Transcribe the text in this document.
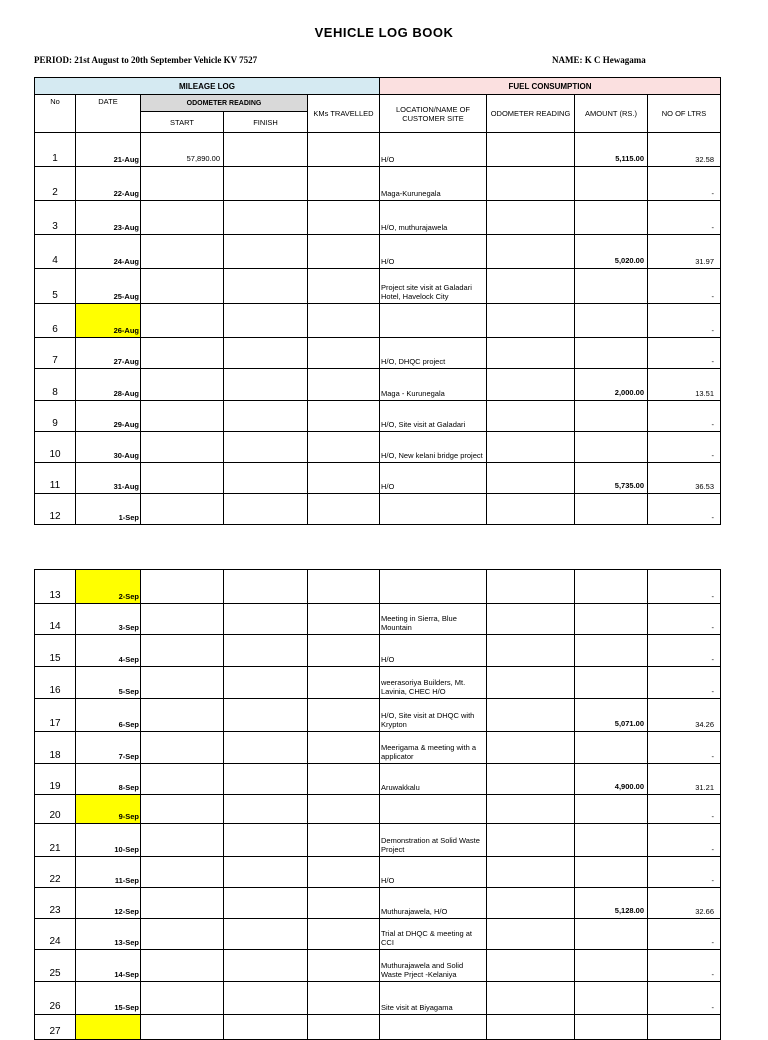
VEHICLE LOG BOOK
PERIOD: 21st August to 20th September Vehicle KV 7527	NAME: K C Hewagama
MILEAGE LOG					FUEL CONSUMPTION			
No	DATE	ODOMETER READING		KMs TRAVELLED	LOCATION/NAME OF CUSTOMER SITE	ODOMETER READING	AMOUNT (RS.)	NO OF LTRS
		START	FINISH					
1	21-Aug	57,890.00			H/O		5,115.00	32.58
2	22-Aug				Maga-Kurunegala			-
3	23-Aug				H/O, muthurajawela			-
4	24-Aug				H/O		5,020.00	31.97
5	25-Aug				Project site visit at Galadari Hotel, Havelock City			-
6	26-Aug							-
7	27-Aug				H/O, DHQC project			-
8	28-Aug				Maga - Kurunegala		2,000.00	13.51
9	29-Aug				H/O, Site visit at Galadari			-
10	30-Aug				H/O, New kelani bridge project			-
11	31-Aug				H/O		5,735.00	36.53
12	1-Sep							-
13	2-Sep							-
14	3-Sep				Meeting in Sierra, Blue Mountain			-
15	4-Sep				H/O			-
16	5-Sep				weerasoriya Builders, Mt. Lavinia, CHEC H/O			-
17	6-Sep				H/O, Site visit at DHQC with Krypton		5,071.00	34.26
18	7-Sep				Meerigama & meeting with a applicator			-
19	8-Sep				Aruwakkalu		4,900.00	31.21
20	9-Sep							-
21	10-Sep				Demonstration at Solid Waste Project			-
22	11-Sep				H/O			-
23	12-Sep				Muthurajawela, H/O		5,128.00	32.66
24	13-Sep				Trial at DHQC & meeting at CCI			-
25	14-Sep				Muthurajawela and Solid Waste Prject -Kelaniya			-
26	15-Sep				Site visit at Biyagama			-
27								
